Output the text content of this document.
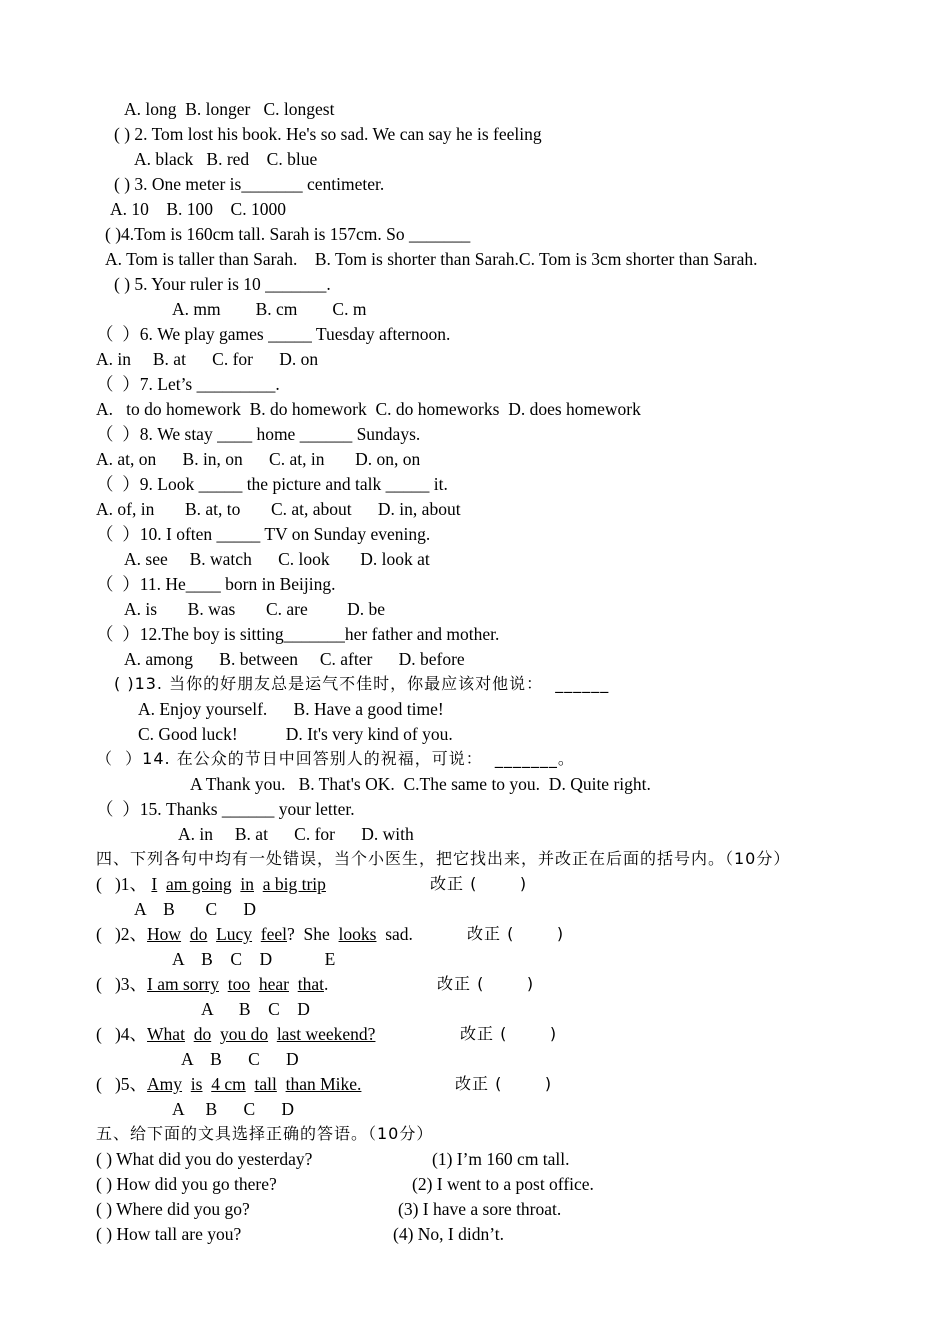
A. long  B. longer   C. longest
( ) 2. Tom lost his book. He's so sad. We can say he is feeling
A. black   B. red    C. blue
( ) 3. One meter is_______ centimeter.
A. 10    B. 100    C. 1000
( )4.Tom is 160cm tall. Sarah is 157cm. So _______
A. Tom is taller than Sarah.    B. Tom is shorter than Sarah.C. Tom is 3cm shorter than Sarah.
( ) 5. Your ruler is 10 _______.
A. mm        B. cm        C. m
（  ）6. We play games _____ Tuesday afternoon.
A. in     B. at      C. for      D. on
（  ）7. Let’s _________.
A.   to do homework  B. do homework  C. do homeworks  D. does homework
（  ）8. We stay ____ home ______ Sundays.
A. at, on      B. in, on      C. at, in       D. on, on
（  ）9. Look _____ the picture and talk _____ it.
A. of, in       B. at, to       C. at, about      D. in, about
（  ）10. I often _____ TV on Sunday evening.
A. see     B. watch      C. look       D. look at
（  ）11. He____ born in Beijing.
A. is       B. was       C. are         D. be
（  ）12.The boy is sitting_______her father and mother.
A. among      B. between     C. after      D. before
( )13. 当你的好朋友总是运气不佳时，你最应该对他说：  ______
A. Enjoy yourself.      B. Have a good time!
C. Good luck!           D. It's very kind of you.
（  ）14. 在公众的节日中回答别人的祝福，可说：  _______。
A Thank you.   B. That's OK.  C.The same to you.  D. Quite right.
（  ）15. Thanks ______ your letter.
A. in     B. at      C. for      D. with
四、下列各句中均有一处错误，当个小医生，把它找出来，并改正在后面的括号内。（10分）
(   )1、 I am going in a big trip	改正 (       )
A    B       C      D
(   )2、How do Lucy feel?  She looks sad.	改正 (       )
A    B    C    D            E
(   )3、I am sorry too hear that.	改正 (       )
A      B    C    D
(   )4、What do you do last weekend?	改正 (       )
A    B      C      D
(   )5、Amy is 4 cm tall than Mike.	改正 (       )
A     B      C      D
五、给下面的文具选择正确的答语。（10分）
( ) What did you do yesterday?	(1) I’m 160 cm tall.
( ) How did you go there?	(2) I went to a post office.
( ) Where did you go?	(3) I have a sore throat.
( ) How tall are you?	(4) No, I didn’t.
